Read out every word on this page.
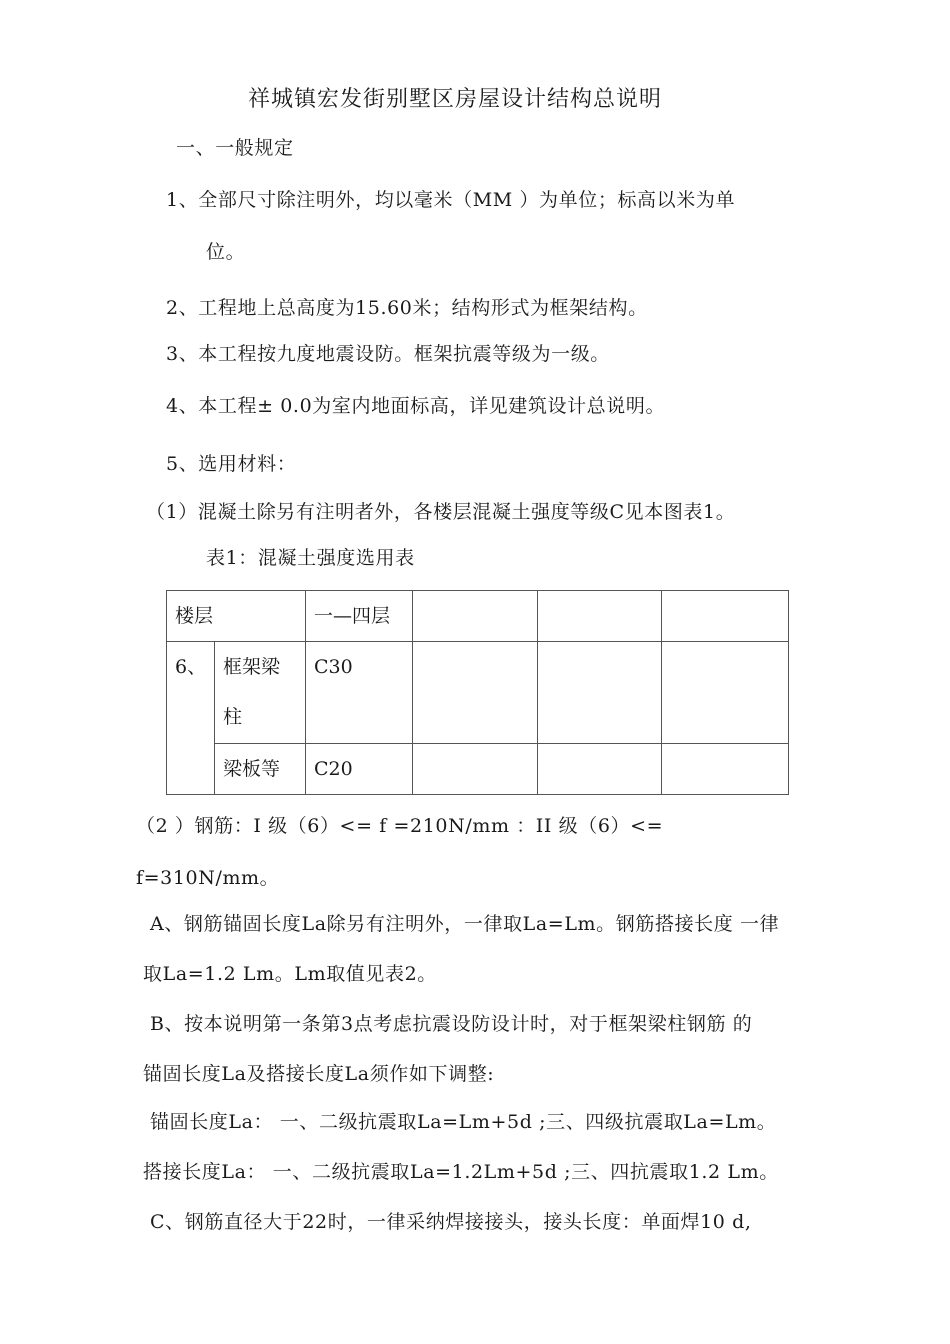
祥城镇宏发街别墅区房屋设计结构总说明
一、一般规定
1、全部尺寸除注明外，均以毫米（MM ）为单位；标高以米为单
位。
2、工程地上总高度为15.60米；结构形式为框架结构。
3、本工程按九度地震设防。框架抗震等级为一级。
4、本工程± 0.0为室内地面标高，详见建筑设计总说明。
5、选用材料：
（1）混凝土除另有注明者外，各楼层混凝土强度等级C见本图表1。
表1：混凝土强度选用表
楼层		一—四层			
6、	框架梁柱	C30			
	梁板等	C20			
（2 ）钢筋：I 级（6）<= f =210N/mm ：II 级（6）<=
f=310N/mm。
A、钢筋锚固长度La除另有注明外，一律取La=Lm。钢筋搭接长度 一律
取La=1.2 Lm。Lm取值见表2。
B、按本说明第一条第3点考虑抗震设防设计时，对于框架梁柱钢筋 的
锚固长度La及搭接长度La须作如下调整:
锚固长度La： 一、二级抗震取La=Lm+5d ;三、四级抗震取La=Lm。
搭接长度La： 一、二级抗震取La=1.2Lm+5d ;三、四抗震取1.2 Lm。
C、钢筋直径大于22时，一律采纳焊接接头，接头长度：单面焊10 d,
